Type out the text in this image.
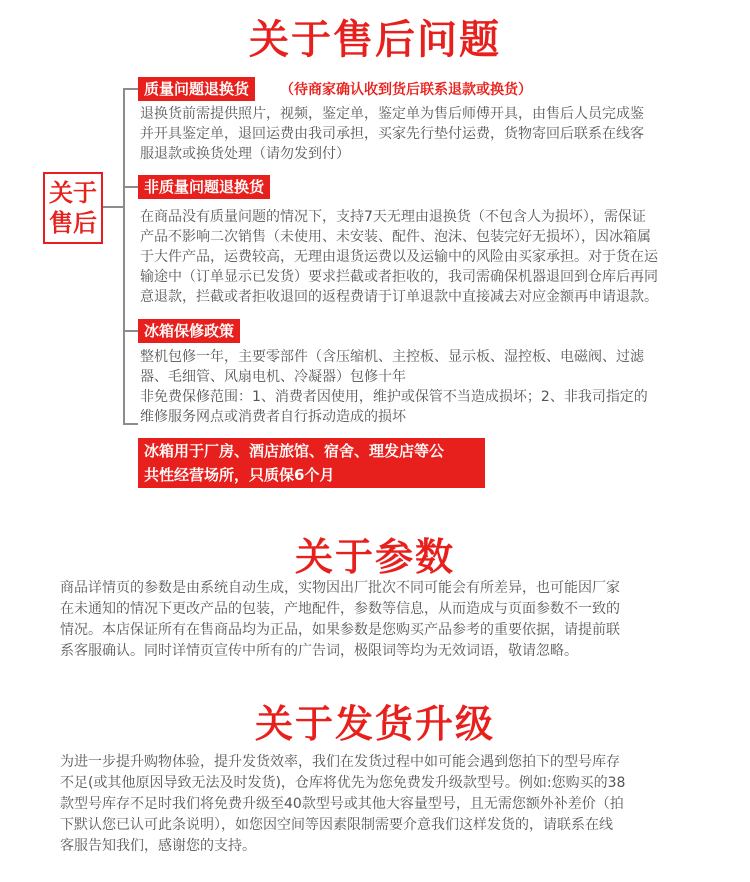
关于售后问题
关于
售后
质量问题退换货	（待商家确认收到货后联系退款或换货）
退换货前需提供照片，视频，鉴定单，鉴定单为售后师傅开具，由售后人员完成鉴
并开具鉴定单，退回运费由我司承担，买家先行垫付运费，货物寄回后联系在线客
服退款或换货处理（请勿发到付）
非质量问题退换货
在商品没有质量问题的情况下，支持7天无理由退换货（不包含人为损坏），需保证
产品不影响二次销售（未使用、未安装、配件、泡沫、包装完好无损坏），因冰箱属
于大件产品，运费较高，无理由退货运费以及运输中的风险由买家承担。对于货在运
输途中（订单显示已发货）要求拦截或者拒收的，我司需确保机器退回到仓库后再同
意退款，拦截或者拒收退回的返程费请于订单退款中直接减去对应金额再申请退款。
冰箱保修政策
整机包修一年，主要零部件（含压缩机、主控板、显示板、湿控板、电磁阀、过滤
器、毛细管、风扇电机、冷凝器）包修十年
非免费保修范围：1、消费者因使用，维护或保管不当造成损坏；2、非我司指定的
维修服务网点或消费者自行拆动造成的损坏
冰箱用于厂房、酒店旅馆、宿舍、理发店等公
共性经营场所，只质保6个月
关于参数
商品详情页的参数是由系统自动生成，实物因出厂批次不同可能会有所差异，也可能因厂家
在未通知的情况下更改产品的包装，产地配件，参数等信息，从而造成与页面参数不一致的
情况。本店保证所有在售商品均为正品，如果参数是您购买产品参考的重要依据，请提前联
系客服确认。同时详情页宣传中所有的广告词，极限词等均为无效词语，敬请忽略。
关于发货升级
为进一步提升购物体验，提升发货效率，我们在发货过程中如可能会遇到您拍下的型号库存
不足(或其他原因导致无法及时发货)，仓库将优先为您免费发升级款型号。例如:您购买的38
款型号库存不足时我们将免费升级至40款型号或其他大容量型号，且无需您额外补差价（拍
下默认您已认可此条说明），如您因空间等因素限制需要介意我们这样发货的，请联系在线
客服告知我们，感谢您的支持。
